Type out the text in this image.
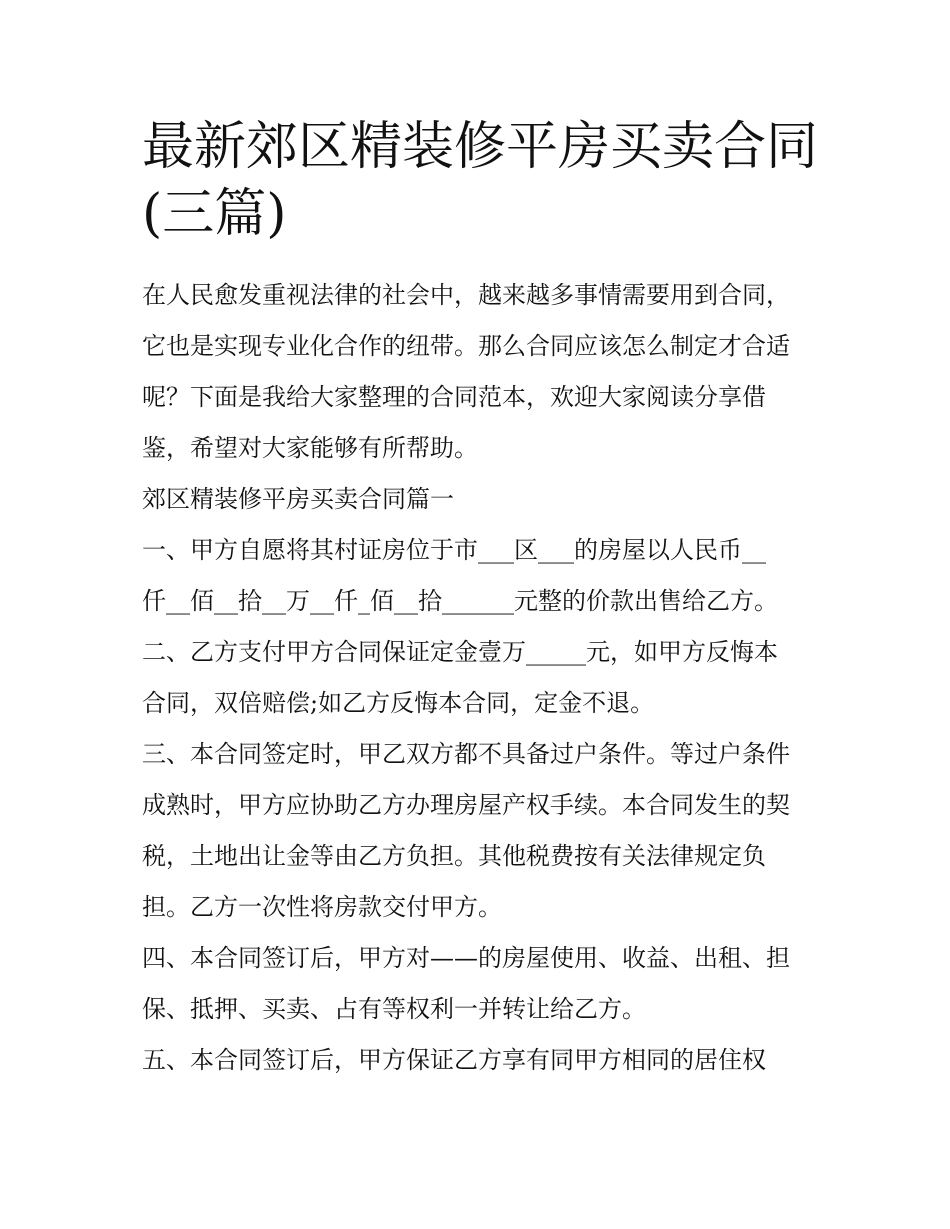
最新郊区精装修平房买卖合同
(三篇)

在人民愈发重视法律的社会中，越来越多事情需要用到合同，
它也是实现专业化合作的纽带。那么合同应该怎么制定才合适
呢？下面是我给大家整理的合同范本，欢迎大家阅读分享借
鉴，希望对大家能够有所帮助。

郊区精装修平房买卖合同篇一

一、甲方自愿将其村证房位于市___区___的房屋以人民币__
仟__佰__拾__万__仟_佰__拾______元整的价款出售给乙方。

二、乙方支付甲方合同保证定金壹万_____元，如甲方反悔本
合同，双倍赔偿;如乙方反悔本合同，定金不退。

三、本合同签定时，甲乙双方都不具备过户条件。等过户条件
成熟时，甲方应协助乙方办理房屋产权手续。本合同发生的契
税，土地出让金等由乙方负担。其他税费按有关法律规定负
担。乙方一次性将房款交付甲方。

四、本合同签订后，甲方对——的房屋使用、收益、出租、担
保、抵押、买卖、占有等权利一并转让给乙方。

五、本合同签订后，甲方保证乙方享有同甲方相同的居住权
